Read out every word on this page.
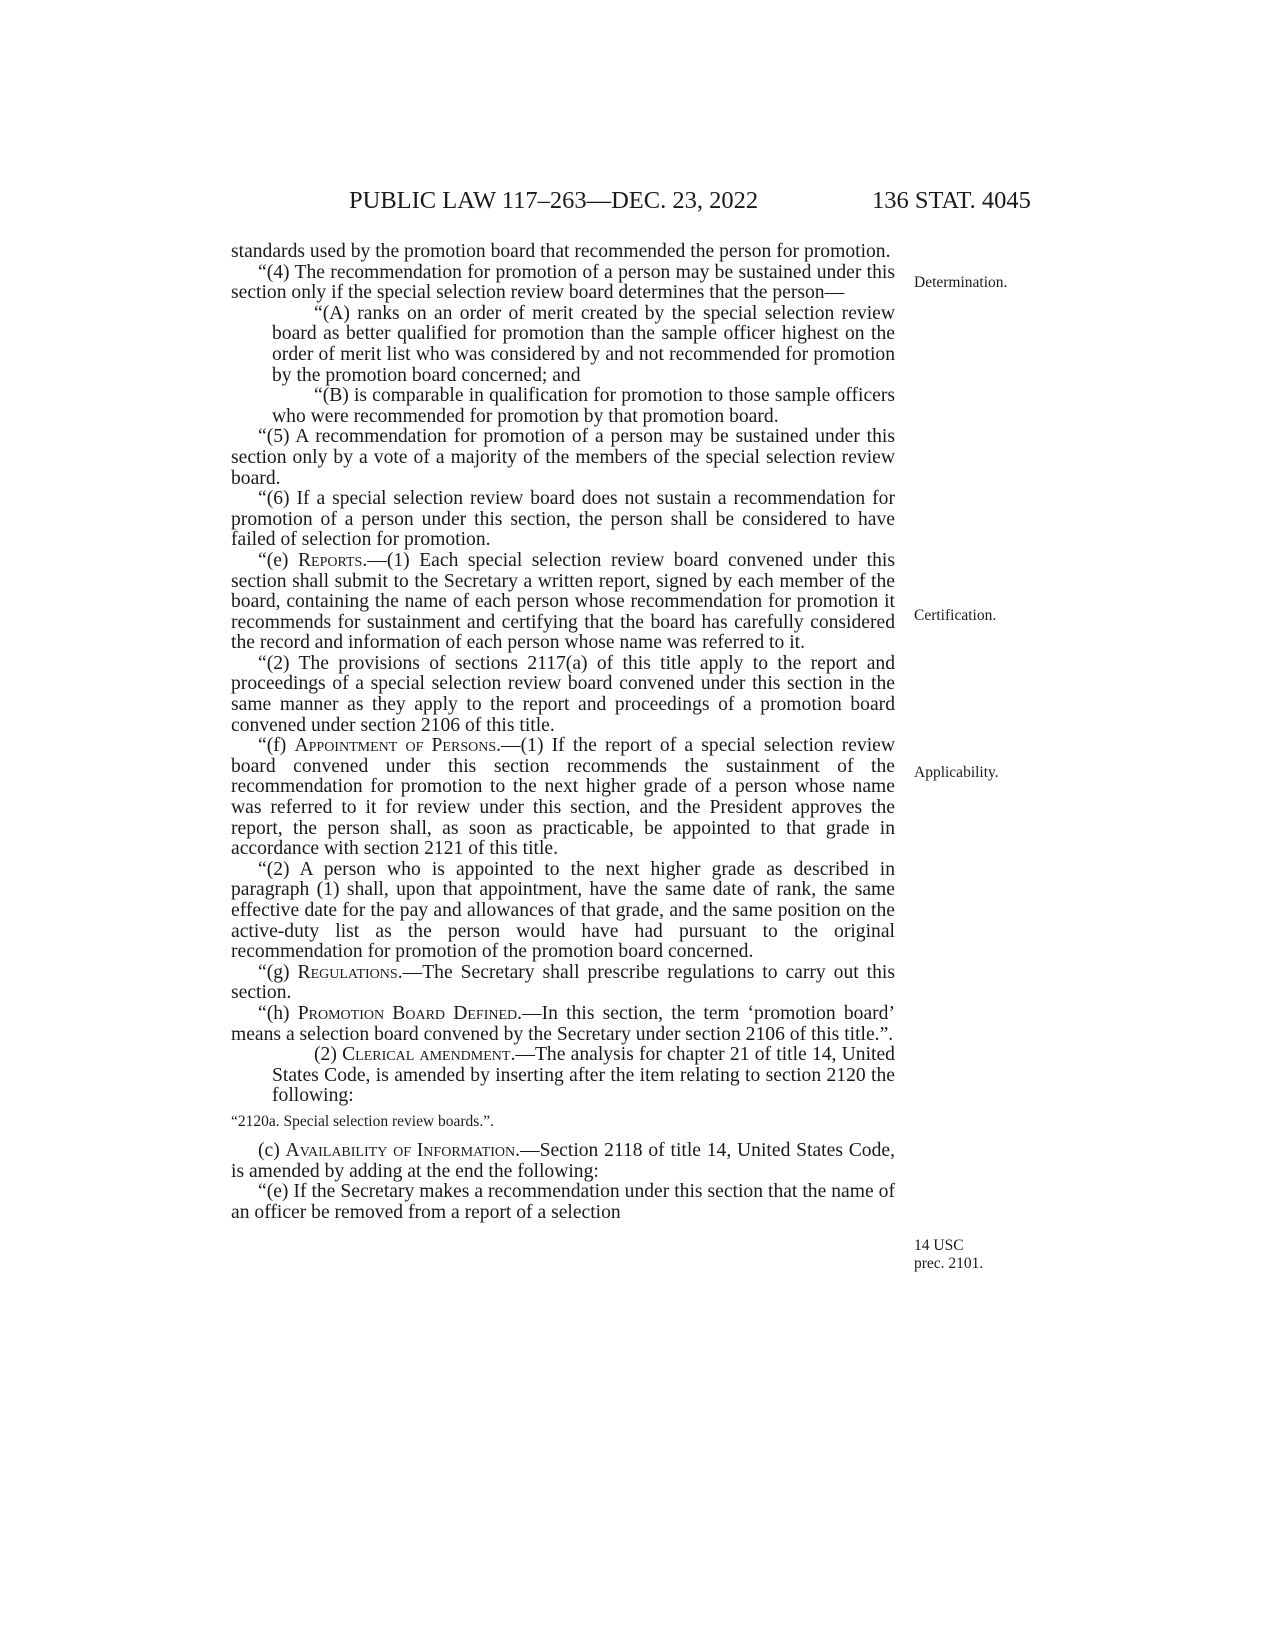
PUBLIC LAW 117–263—DEC. 23, 2022	136 STAT. 4045

standards used by the promotion board that recommended the person for promotion.

“(4) The recommendation for promotion of a person may be sustained under this section only if the special selection review board determines that the person—

“(A) ranks on an order of merit created by the special selection review board as better qualified for promotion than the sample officer highest on the order of merit list who was considered by and not recommended for promotion by the promotion board concerned; and

“(B) is comparable in qualification for promotion to those sample officers who were recommended for promotion by that promotion board.

“(5) A recommendation for promotion of a person may be sustained under this section only by a vote of a majority of the members of the special selection review board.

“(6) If a special selection review board does not sustain a recommendation for promotion of a person under this section, the person shall be considered to have failed of selection for promotion.

“(e) Reports.—(1) Each special selection review board convened under this section shall submit to the Secretary a written report, signed by each member of the board, containing the name of each person whose recommendation for promotion it recommends for sustainment and certifying that the board has carefully considered the record and information of each person whose name was referred to it.

“(2) The provisions of sections 2117(a) of this title apply to the report and proceedings of a special selection review board convened under this section in the same manner as they apply to the report and proceedings of a promotion board convened under section 2106 of this title.

“(f) Appointment of Persons.—(1) If the report of a special selection review board convened under this section recommends the sustainment of the recommendation for promotion to the next higher grade of a person whose name was referred to it for review under this section, and the President approves the report, the person shall, as soon as practicable, be appointed to that grade in accordance with section 2121 of this title.

“(2) A person who is appointed to the next higher grade as described in paragraph (1) shall, upon that appointment, have the same date of rank, the same effective date for the pay and allowances of that grade, and the same position on the active-duty list as the person would have had pursuant to the original recommendation for promotion of the promotion board concerned.

“(g) Regulations.—The Secretary shall prescribe regulations to carry out this section.

“(h) Promotion Board Defined.—In this section, the term ‘promotion board’ means a selection board convened by the Secretary under section 2106 of this title.”.

(2) Clerical amendment.—The analysis for chapter 21 of title 14, United States Code, is amended by inserting after the item relating to section 2120 the following:

“2120a. Special selection review boards.”.

(c) Availability of Information.—Section 2118 of title 14, United States Code, is amended by adding at the end the following:

“(e) If the Secretary makes a recommendation under this section that the name of an officer be removed from a report of a selection

Determination.
Certification.
Applicability.
14 USC
prec. 2101.
